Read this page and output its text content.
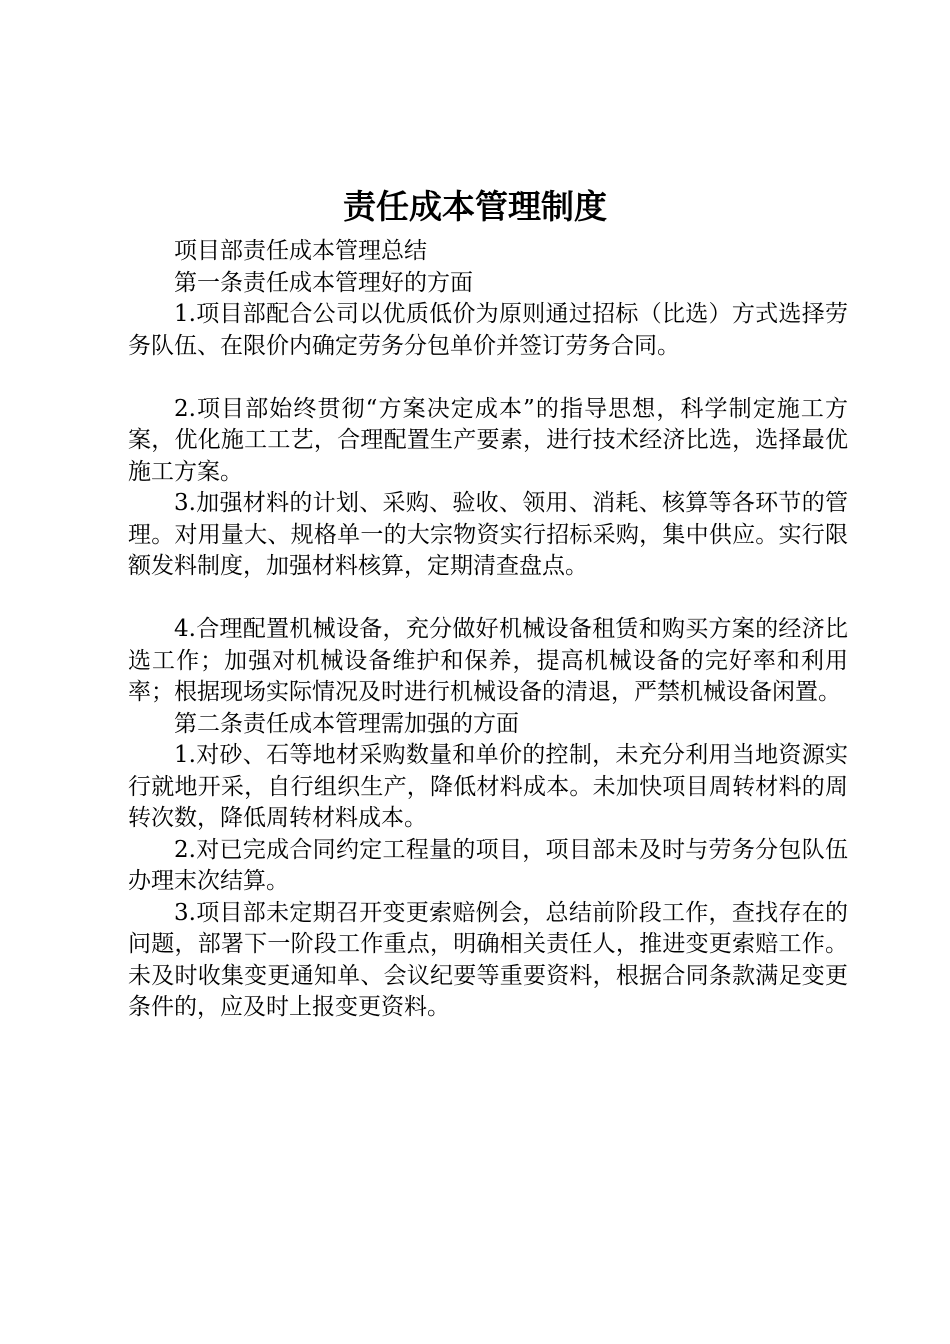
责任成本管理制度

项目部责任成本管理总结

第一条责任成本管理好的方面

1.项目部配合公司以优质低价为原则通过招标（比选）方式选择劳务队伍、在限价内确定劳务分包单价并签订劳务合同。

2.项目部始终贯彻“方案决定成本”的指导思想，科学制定施工方案，优化施工工艺，合理配置生产要素，进行技术经济比选，选择最优施工方案。

3.加强材料的计划、采购、验收、领用、消耗、核算等各环节的管理。对用量大、规格单一的大宗物资实行招标采购，集中供应。实行限额发料制度，加强材料核算，定期清查盘点。

4.合理配置机械设备，充分做好机械设备租赁和购买方案的经济比选工作；加强对机械设备维护和保养，提高机械设备的完好率和利用率；根据现场实际情况及时进行机械设备的清退，严禁机械设备闲置。

第二条责任成本管理需加强的方面

1.对砂、石等地材采购数量和单价的控制，未充分利用当地资源实行就地开采，自行组织生产，降低材料成本。未加快项目周转材料的周转次数，降低周转材料成本。

2.对已完成合同约定工程量的项目，项目部未及时与劳务分包队伍办理末次结算。

3.项目部未定期召开变更索赔例会，总结前阶段工作，查找存在的问题，部署下一阶段工作重点，明确相关责任人，推进变更索赔工作。未及时收集变更通知单、会议纪要等重要资料，根据合同条款满足变更条件的，应及时上报变更资料。
